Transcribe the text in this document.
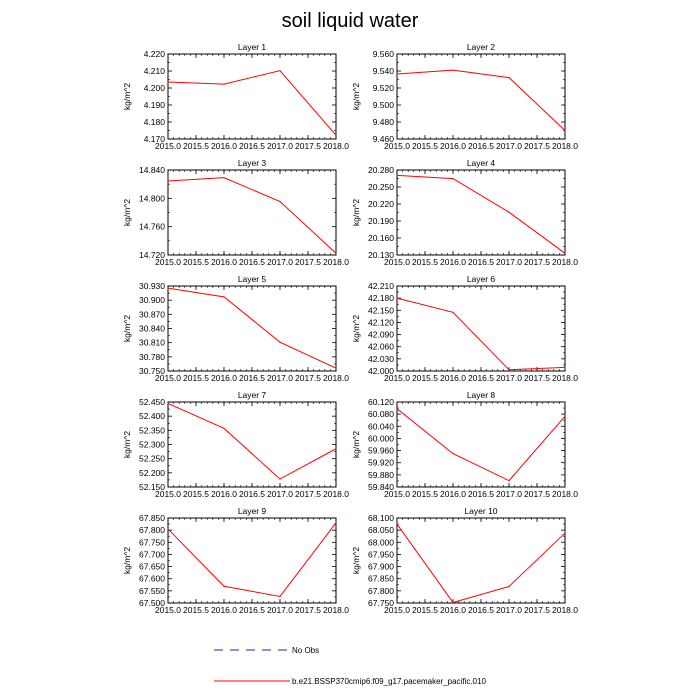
soil liquid water
Layer 1
2015.0 2015.5 2016.0 2016.5 2017.0 2017.5 2018.0
4.170
4.180
4.190
4.200
4.210
4.220
kg/m^2
Layer 2
2015.0 2015.5 2016.0 2016.5 2017.0 2017.5 2018.0
9.460
9.480
9.500
9.520
9.540
9.560
kg/m^2
Layer 3
2015.0 2015.5 2016.0 2016.5 2017.0 2017.5 2018.0
14.720
14.760
14.800
14.840
kg/m^2
Layer 4
2015.0 2015.5 2016.0 2016.5 2017.0 2017.5 2018.0
20.130
20.160
20.190
20.220
20.250
20.280
kg/m^2
Layer 5
2015.0 2015.5 2016.0 2016.5 2017.0 2017.5 2018.0
30.750
30.780
30.810
30.840
30.870
30.900
30.930
kg/m^2
Layer 6
2015.0 2015.5 2016.0 2016.5 2017.0 2017.5 2018.0
42.000
42.030
42.060
42.090
42.120
42.150
42.180
42.210
kg/m^2
Layer 7
2015.0 2015.5 2016.0 2016.5 2017.0 2017.5 2018.0
52.150
52.200
52.250
52.300
52.350
52.400
52.450
kg/m^2
Layer 8
2015.0 2015.5 2016.0 2016.5 2017.0 2017.5 2018.0
59.840
59.880
59.920
59.960
60.000
60.040
60.080
60.120
kg/m^2
Layer 9
2015.0 2015.5 2016.0 2016.5 2017.0 2017.5 2018.0
67.500
67.550
67.600
67.650
67.700
67.750
67.800
67.850
kg/m^2
Layer 10
2015.0 2015.5 2016.0 2016.5 2017.0 2017.5 2018.0
67.750
67.800
67.850
67.900
67.950
68.000
68.050
68.100
kg/m^2
No Obs
b.e21.BSSP370cmip6.f09_g17.pacemaker_pacific.010
